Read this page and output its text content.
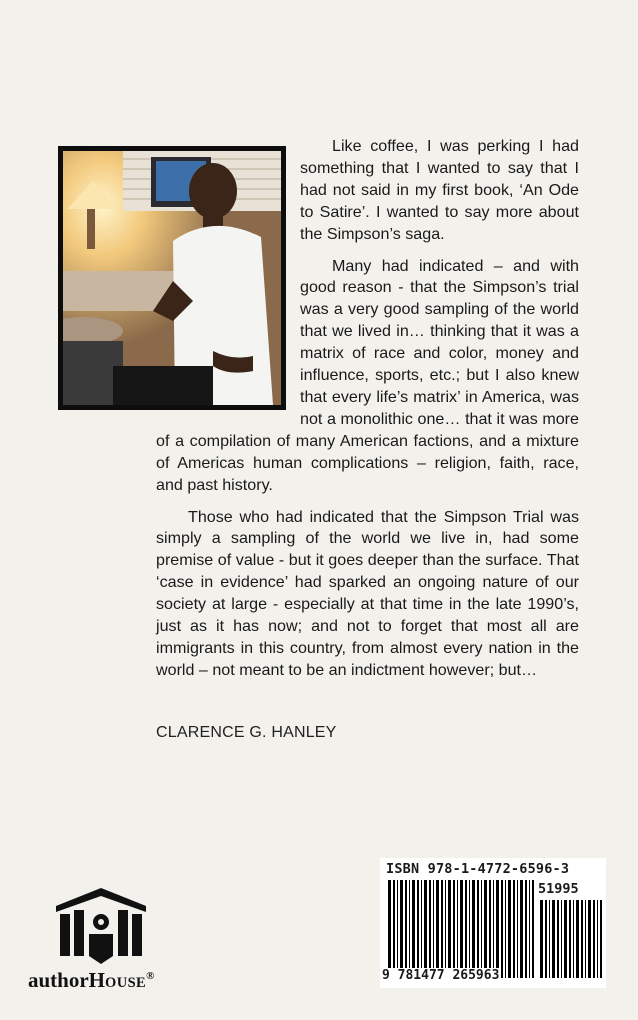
Like coffee, I was perking I had something that I wanted to say that I had not said in my first book, ‘An Ode to Satire’. I wanted to say more about the Simpson’s saga.

Many had indicated – and with good reason - that the Simpson’s trial was a very good sampling of the world that we lived in… thinking that it was a matrix of race and color, money and influence, sports, etc.; but I also knew that every life’s matrix’ in America, was not a monolithic one… that it was more of a compilation of many American factions, and a mixture of Americas human complications – religion, faith, race, and past history.

Those who had indicated that the Simpson Trial was simply a sampling of the world we live in, had some premise of value - but it goes deeper than the surface. That ‘case in evidence’ had sparked an ongoing nature of our society at large - especially at that time in the late 1990’s, just as it has now; and not to forget that most all are immigrants in this country, from almost every nation in the world – not meant to be an indictment however; but…

CLARENCE G. HANLEY
authorHOUSE®
ISBN 978-1-4772-6596-3
51995
9 781477 265963
